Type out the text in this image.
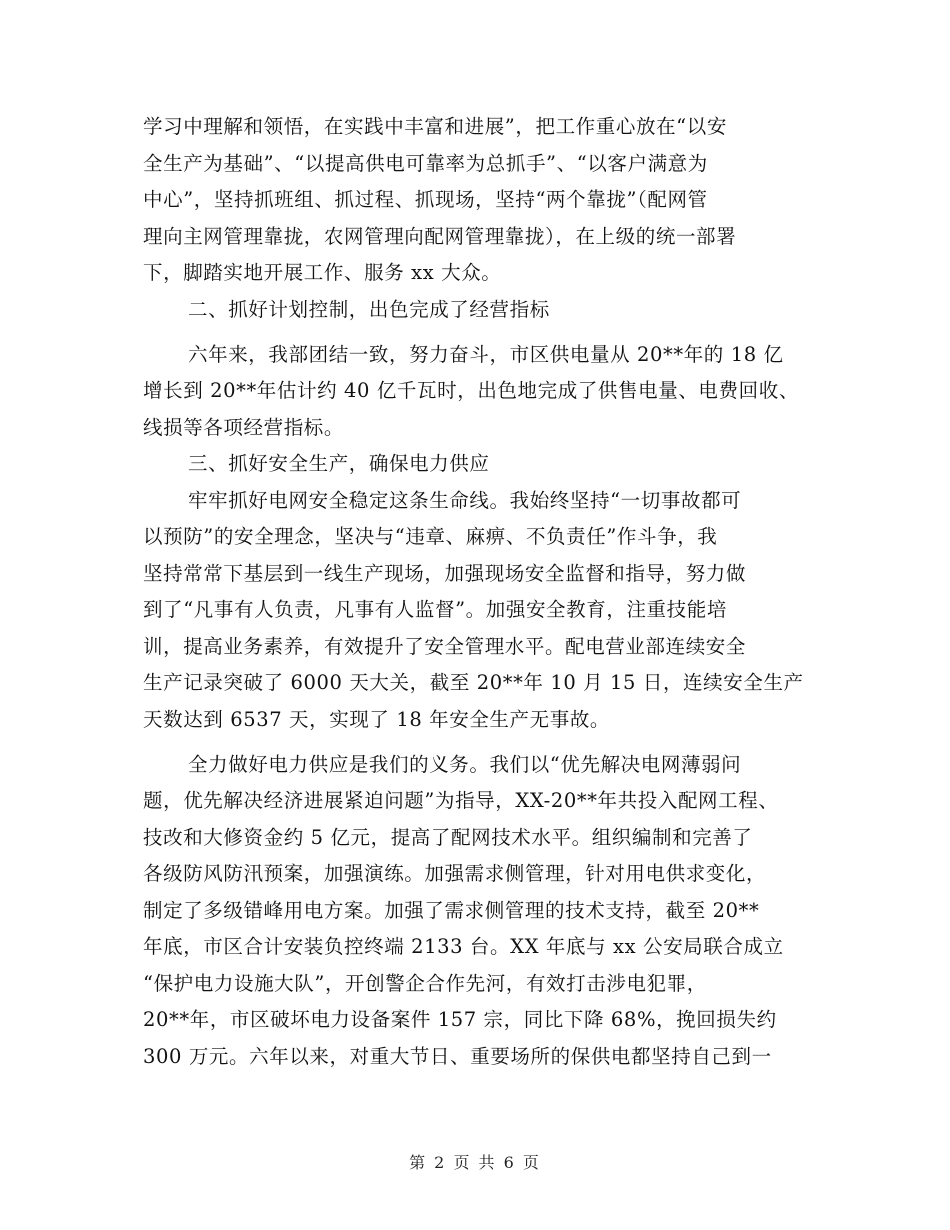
学习中理解和领悟，在实践中丰富和进展”，把工作重心放在“以安
全生产为基础”、“以提高供电可靠率为总抓手”、“以客户满意为
中心”，坚持抓班组、抓过程、抓现场，坚持“两个靠拢”（配网管
理向主网管理靠拢，农网管理向配网管理靠拢），在上级的统一部署
下，脚踏实地开展工作、服务 xx 大众。
二、抓好计划控制，出色完成了经营指标
六年来，我部团结一致，努力奋斗，市区供电量从 20**年的 18 亿
增长到 20**年估计约 40 亿千瓦时，出色地完成了供售电量、电费回收、
线损等各项经营指标。
三、抓好安全生产，确保电力供应
牢牢抓好电网安全稳定这条生命线。我始终坚持“一切事故都可
以预防”的安全理念，坚决与“违章、麻痹、不负责任”作斗争，我
坚持常常下基层到一线生产现场，加强现场安全监督和指导，努力做
到了“凡事有人负责，凡事有人监督”。加强安全教育，注重技能培
训，提高业务素养，有效提升了安全管理水平。配电营业部连续安全
生产记录突破了 6000 天大关，截至 20**年 10 月 15 日，连续安全生产
天数达到 6537 天，实现了 18 年安全生产无事故。
全力做好电力供应是我们的义务。我们以“优先解决电网薄弱问
题，优先解决经济进展紧迫问题”为指导，XX-20**年共投入配网工程、
技改和大修资金约 5 亿元，提高了配网技术水平。组织编制和完善了
各级防风防汛预案，加强演练。加强需求侧管理，针对用电供求变化，
制定了多级错峰用电方案。加强了需求侧管理的技术支持，截至 20**
年底，市区合计安装负控终端 2133 台。XX 年底与 xx 公安局联合成立
“保护电力设施大队”，开创警企合作先河，有效打击涉电犯罪，
20**年，市区破坏电力设备案件 157 宗，同比下降 68%，挽回损失约
300 万元。六年以来，对重大节日、重要场所的保供电都坚持自己到一
第 2 页 共 6 页
